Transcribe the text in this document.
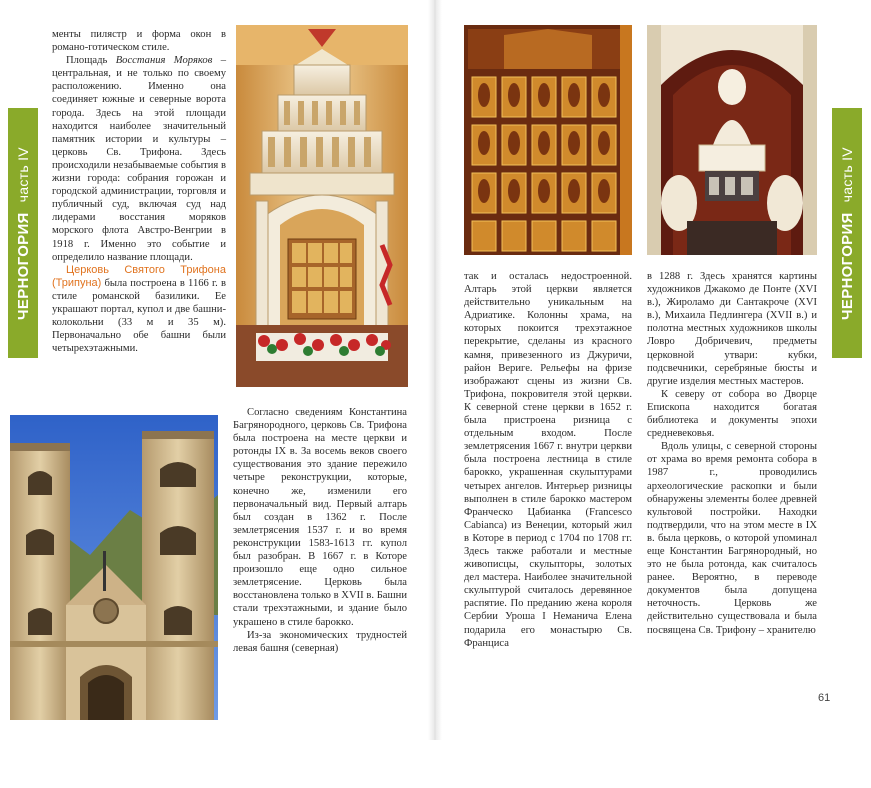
ЧЕРНОГОРИЯчасть IV

менты пилястр и форма окон в романо-готическом стиле.

Площадь Восстания Моряков – центральная, и не только по своему расположению. Именно она соединяет южные и северные ворота города. Здесь на этой площади находится наиболее значительный памятник истории и культуры – церковь Св. Трифона. Здесь происходили незабываемые события в жизни города: собрания горожан и городской администрации, торговля и публичный суд, включая суд над лидерами восстания моряков морского флота Австро-Венгрии в 1918 г. Именно это событие и определило название площади.

Церковь Святого Трифона (Трипуна) была построена в 1166 г. в стиле романской базилики. Ее украшают портал, купол и две башни-колокольни (33 м и 35 м). Первоначально обе башни были четырехэтажными.

Согласно сведениям Константина Багрянородного, церковь Св. Трифона была построена на месте церкви и ротонды IX в. За восемь веков своего существования это здание пережило четыре реконструкции, которые, конечно же, изменили его первоначальный вид. Первый алтарь был создан в 1362 г. После землетрясения 1537 г. и во время реконструкции 1583-1613 гг. купол был разобран. В 1667 г. в Которе произошло еще одно сильное землетрясение. Церковь была восстановлена только в XVII в. Башни стали трехэтажными, и здание было украшено в стиле барокко.

Из-за экономических трудностей левая башня (северная)

так и осталась недостроенной. Алтарь этой церкви является действительно уникальным на Адриатике. Колонны храма, на которых покоится трехэтажное перекрытие, сделаны из красного камня, привезенного из Джуричи, район Вериге. Рельефы на фризе изображают сцены из жизни Св. Трифона, покровителя этой церкви. К северной стене церкви в 1652 г. была пристроена ризница с отдельным входом. После землетрясения 1667 г. внутри церкви была построена лестница в стиле барокко, украшенная скульптурами четырех ангелов. Интерьер ризницы выполнен в стиле барокко мастером Франческо Цабианка (Francesco Cabianca) из Венеции, который жил в Которе в период с 1704 по 1708 гг. Здесь также работали и местные живописцы, скульпторы, золотых дел мастера. Наиболее значительной скульптурой считалось деревянное распятие. По преданию жена короля Сербии Уроша I Неманича Елена подарила его монастырю Св. Франциса

в 1288 г. Здесь хранятся картины художников Джакомо де Понте (XVI в.), Жироламо ди Сантакроче (XVI в.), Михаила Педлингера (XVII в.) и полотна местных художников школы Ловро Добричевич, предметы церковной утвари: кубки, подсвечники, серебряные бюсты и другие изделия местных мастеров.

К северу от собора во Дворце Епископа находится богатая библиотека и документы эпохи средневековья.

Вдоль улицы, с северной стороны от храма во время ремонта собора в 1987 г., проводились археологические раскопки и были обнаружены элементы более древней культовой постройки. Находки подтвердили, что на этом месте в IX в. была церковь, о которой упоминал еще Константин Багрянородный, но это не была ротонда, как считалось ранее. Вероятно, в переводе документов была допущена неточность. Церковь же действительно существовала и была посвящена Св. Трифону – хранителю

ЧЕРНОГОРИЯчасть IV
61
